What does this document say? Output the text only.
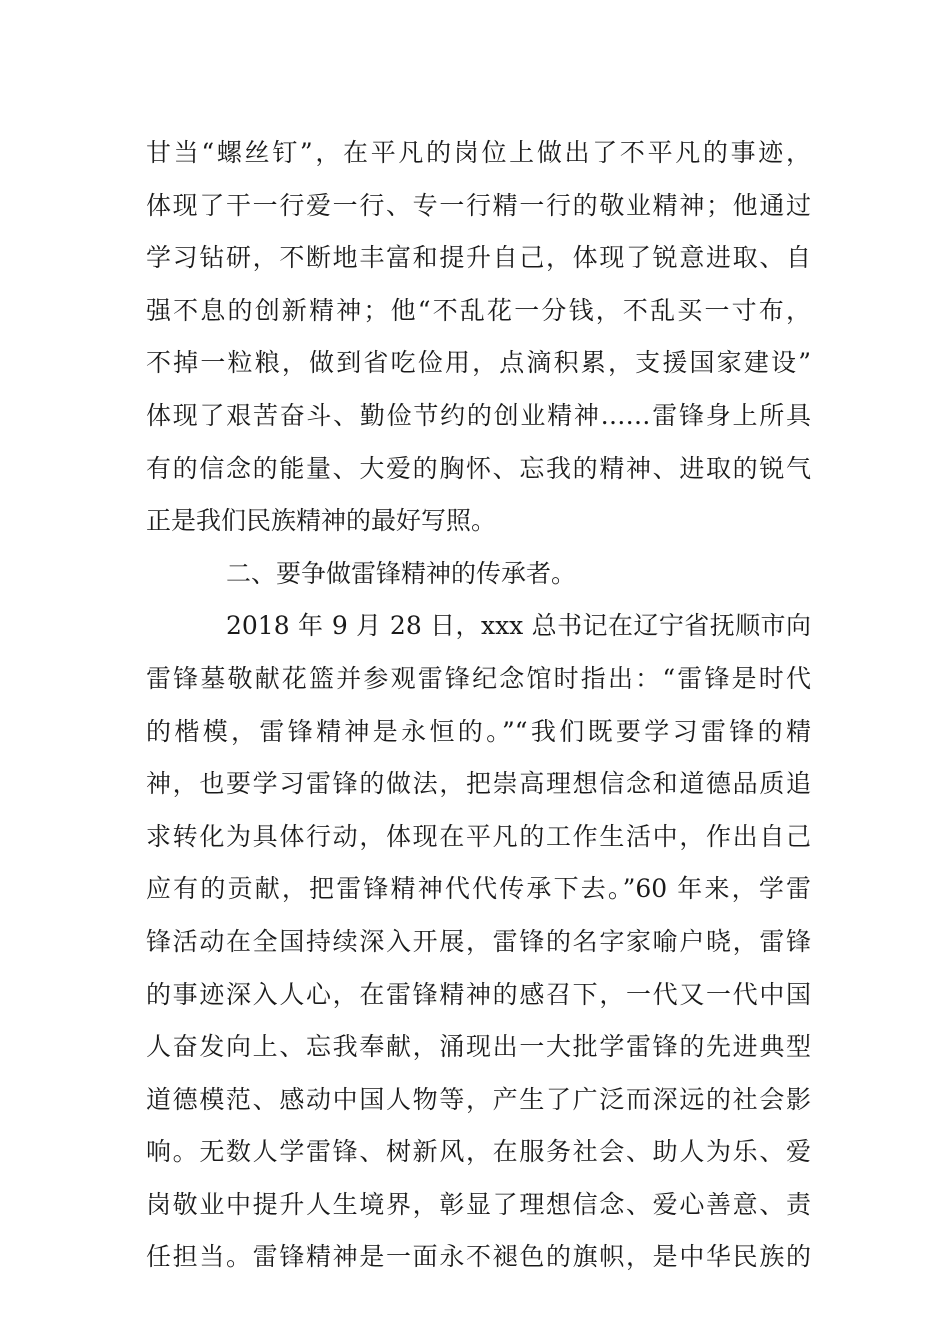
甘当“螺丝钉”，在平凡的岗位上做出了不平凡的事迹，
体现了干一行爱一行、专一行精一行的敬业精神；他通过
学习钻研，不断地丰富和提升自己，体现了锐意进取、自
强不息的创新精神；他“不乱花一分钱，不乱买一寸布，
不掉一粒粮，做到省吃俭用，点滴积累，支援国家建设”
体现了艰苦奋斗、勤俭节约的创业精神……雷锋身上所具
有的信念的能量、大爱的胸怀、忘我的精神、进取的锐气
正是我们民族精神的最好写照。
二、要争做雷锋精神的传承者。
2018 年 9 月 28 日，xxx 总书记在辽宁省抚顺市向
雷锋墓敬献花篮并参观雷锋纪念馆时指出：“雷锋是时代
的楷模，雷锋精神是永恒的。”“我们既要学习雷锋的精
神，也要学习雷锋的做法，把崇高理想信念和道德品质追
求转化为具体行动，体现在平凡的工作生活中，作出自己
应有的贡献，把雷锋精神代代传承下去。”60 年来，学雷
锋活动在全国持续深入开展，雷锋的名字家喻户晓，雷锋
的事迹深入人心，在雷锋精神的感召下，一代又一代中国
人奋发向上、忘我奉献，涌现出一大批学雷锋的先进典型
道德模范、感动中国人物等，产生了广泛而深远的社会影
响。无数人学雷锋、树新风，在服务社会、助人为乐、爱
岗敬业中提升人生境界，彰显了理想信念、爱心善意、责
任担当。雷锋精神是一面永不褪色的旗帜，是中华民族的
